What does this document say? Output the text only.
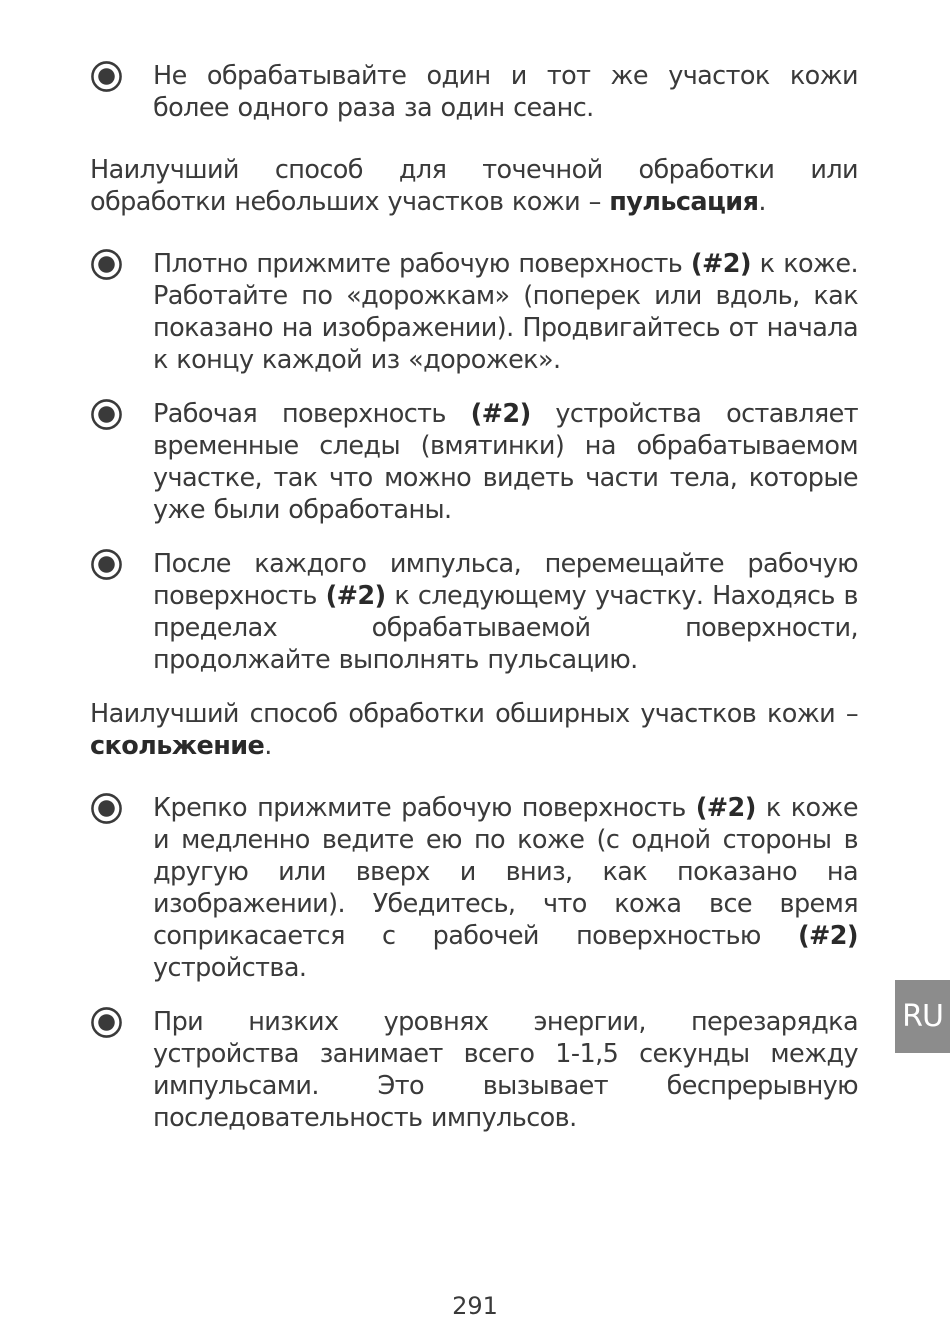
Не обрабатывайте один и тот же участок кожи более одного раза за один сеанс.

Наилучший способ для точечной обработки или обработки небольших участков кожи – пульсация.

Плотно прижмите рабочую поверхность (#2) к коже. Работайте по «дорожкам» (поперек или вдоль, как показано на изображении). Продвигайтесь от начала к концу каждой из «дорожек».
Рабочая поверхность (#2) устройства оставляет временные следы (вмятинки) на обрабатываемом участке, так что можно видеть части тела, которые уже были обработаны.
После каждого импульса, перемещайте рабочую поверхность (#2) к следующему участку. Находясь в пределах обрабатываемой поверхности, продолжайте выполнять пульсацию.

Наилучший способ обработки обширных участков кожи – скольжение.

Крепко прижмите рабочую поверхность (#2) к коже и медленно ведите ею по коже (с одной стороны в другую или вверх и вниз, как показано на изображении). Убедитесь, что кожа все время соприкасается с рабочей поверхностью (#2) устройства.
При низких уровнях энергии, перезарядка устройства занимает всего 1-1,5 секунды между импульсами. Это вызывает беспрерывную последовательность импульсов.
RU
291
